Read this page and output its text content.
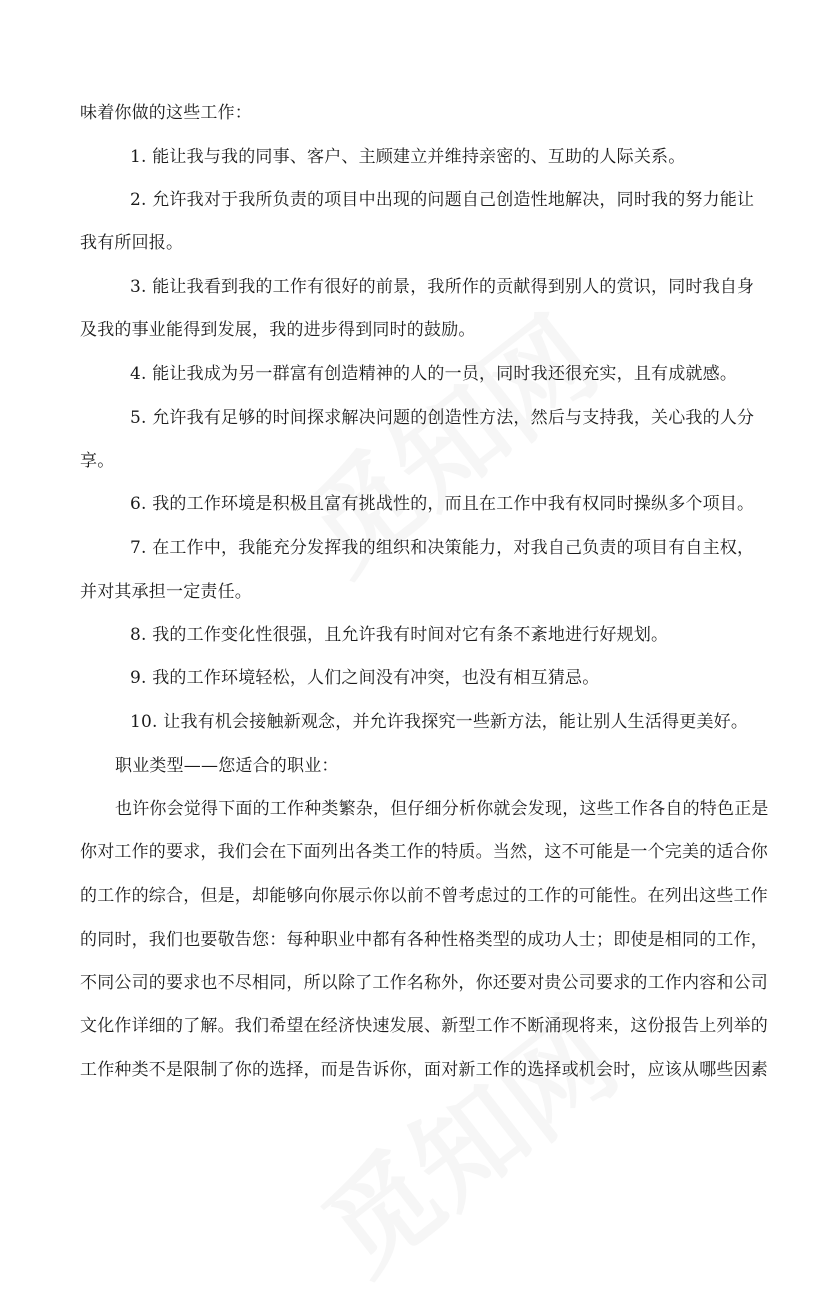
味着你做的这些工作：
1. 能让我与我的同事、客户、主顾建立并维持亲密的、互助的人际关系。
2. 允许我对于我所负责的项目中出现的问题自己创造性地解决，同时我的努力能让
我有所回报。
3. 能让我看到我的工作有很好的前景，我所作的贡献得到别人的赏识，同时我自身
及我的事业能得到发展，我的进步得到同时的鼓励。
4. 能让我成为另一群富有创造精神的人的一员，同时我还很充实，且有成就感。
5. 允许我有足够的时间探求解决问题的创造性方法，然后与支持我，关心我的人分
享。
6. 我的工作环境是积极且富有挑战性的，而且在工作中我有权同时操纵多个项目。
7. 在工作中，我能充分发挥我的组织和决策能力，对我自己负责的项目有自主权，
并对其承担一定责任。
8. 我的工作变化性很强，且允许我有时间对它有条不紊地进行好规划。
9. 我的工作环境轻松，人们之间没有冲突，也没有相互猜忌。
10. 让我有机会接触新观念，并允许我探究一些新方法，能让别人生活得更美好。
职业类型——您适合的职业：
也许你会觉得下面的工作种类繁杂，但仔细分析你就会发现，这些工作各自的特色正是
你对工作的要求，我们会在下面列出各类工作的特质。当然，这不可能是一个完美的适合你
的工作的综合，但是，却能够向你展示你以前不曾考虑过的工作的可能性。在列出这些工作
的同时，我们也要敬告您：每种职业中都有各种性格类型的成功人士；即使是相同的工作，
不同公司的要求也不尽相同，所以除了工作名称外，你还要对贵公司要求的工作内容和公司
文化作详细的了解。我们希望在经济快速发展、新型工作不断涌现将来，这份报告上列举的
工作种类不是限制了你的选择，而是告诉你，面对新工作的选择或机会时，应该从哪些因素
